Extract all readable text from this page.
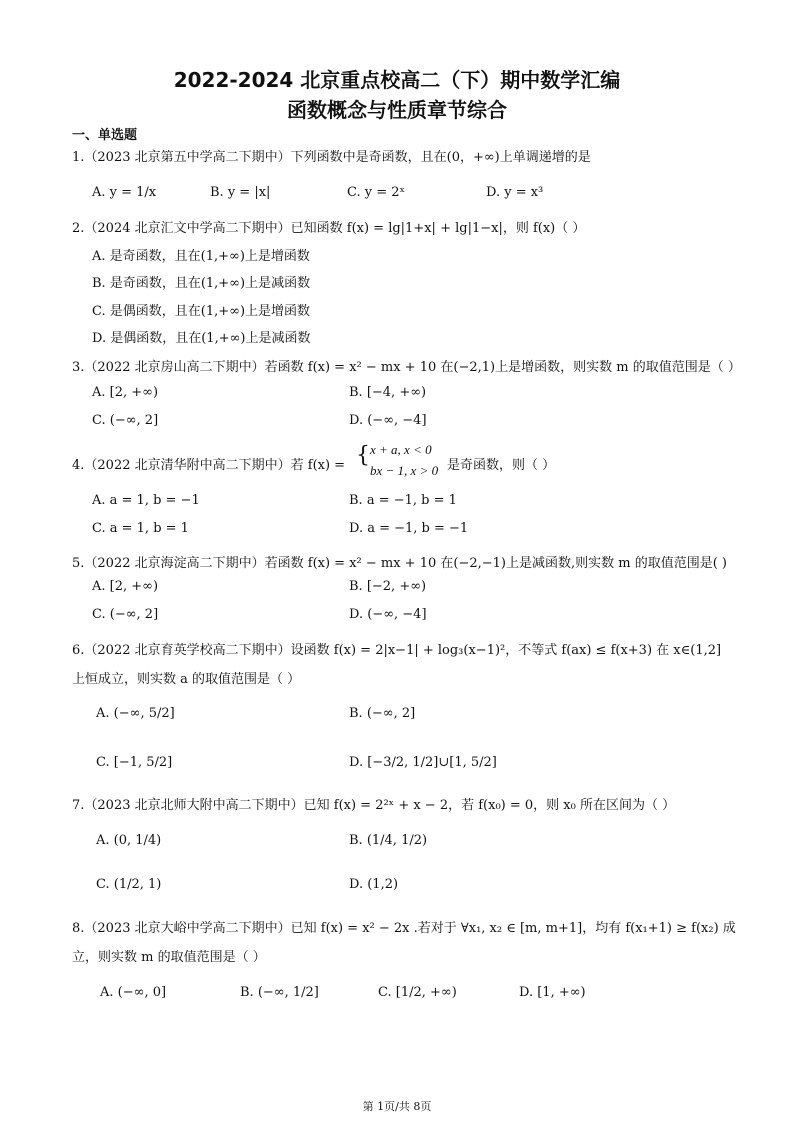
2022-2024 北京重点校高二（下）期中数学汇编
函数概念与性质章节综合
一、单选题
1.（2023 北京第五中学高二下期中）下列函数中是奇函数，且在(0，+∞)上单调递增的是
A. y = 1/x	B. y = |x|	C. y = 2ˣ	D. y = x³
2.（2024 北京汇文中学高二下期中）已知函数 f(x) = lg|1+x| + lg|1−x|，则 f(x)（ ）
A. 是奇函数，且在(1,+∞)上是增函数
B. 是奇函数，且在(1,+∞)上是减函数
C. 是偶函数，且在(1,+∞)上是增函数
D. 是偶函数，且在(1,+∞)上是减函数
3.（2022 北京房山高二下期中）若函数 f(x) = x² − mx + 10 在(−2,1)上是增函数，则实数 m 的取值范围是（ ）
A. [2, +∞)	B. [−4, +∞)
C. (−∞, 2]	D. (−∞, −4]
4.（2022 北京清华附中高二下期中）若 f(x) = { x + a, x < 0
bx − 1, x > 0 是奇函数，则（ ）
A. a = 1, b = −1	B. a = −1, b = 1
C. a = 1, b = 1	D. a = −1, b = −1
5.（2022 北京海淀高二下期中）若函数 f(x) = x² − mx + 10 在(−2,−1)上是减函数,则实数 m 的取值范围是( )
A. [2, +∞)	B. [−2, +∞)
C. (−∞, 2]	D. (−∞, −4]
6.（2022 北京育英学校高二下期中）设函数 f(x) = 2|x−1| + log₃(x−1)²，不等式 f(ax) ≤ f(x+3) 在 x∈(1,2]
上恒成立，则实数 a 的取值范围是（ ）
A. (−∞, 5/2]	B. (−∞, 2]
C. [−1, 5/2]	D. [−3/2, 1/2]∪[1, 5/2]
7.（2023 北京北师大附中高二下期中）已知 f(x) = 2²ˣ + x − 2，若 f(x₀) = 0，则 x₀ 所在区间为（ ）
A. (0, 1/4)	B. (1/4, 1/2)
C. (1/2, 1)	D. (1,2)
8.（2023 北京大峪中学高二下期中）已知 f(x) = x² − 2x .若对于 ∀x₁, x₂ ∈ [m, m+1]，均有 f(x₁+1) ≥ f(x₂) 成
立，则实数 m 的取值范围是（ ）
A. (−∞, 0]	B. (−∞, 1/2]	C. [1/2, +∞)	D. [1, +∞)
第 1页/共 8页
